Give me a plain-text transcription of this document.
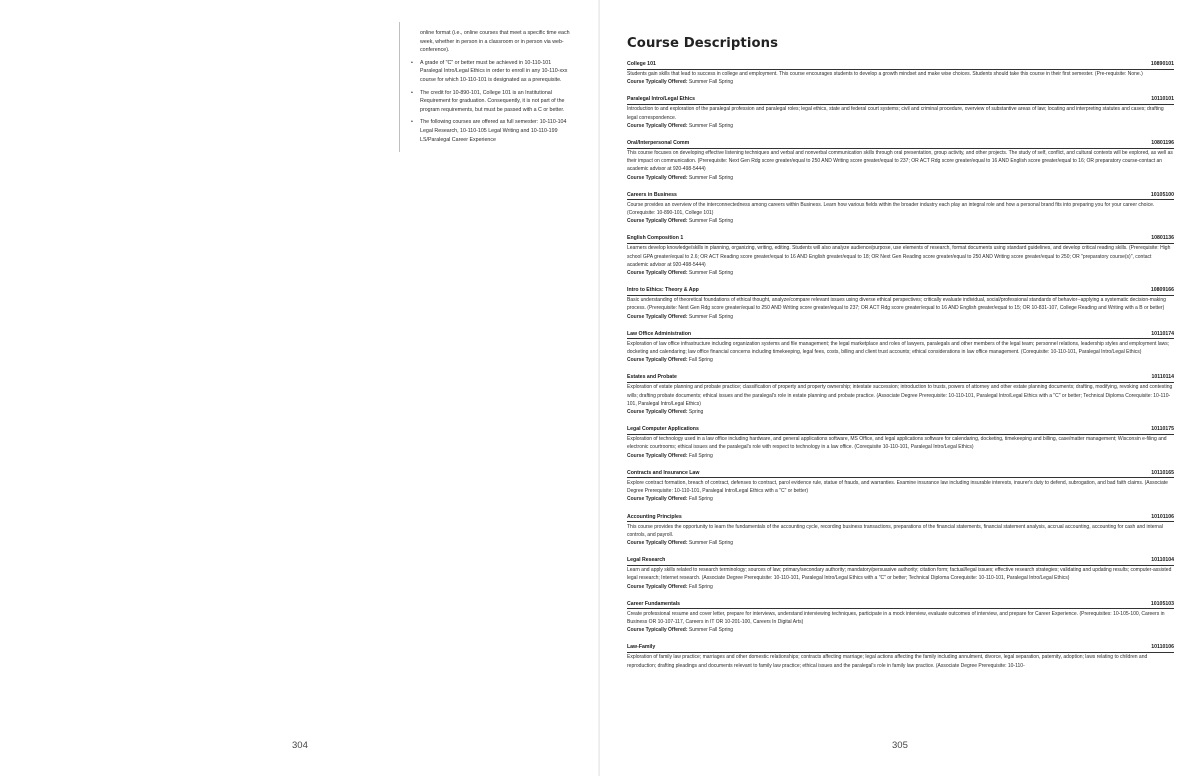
online format (i.e., online courses that meet a specific time each week, whether in person in a classroom or in person via web-conference).

• A grade of "C" or better must be achieved in 10-110-101 Paralegal Intro/Legal Ethics in order to enroll in any 10-110-xxx course for which 10-110-101 is designated as a prerequisite.
• The credit for 10-890-101, College 101 is an Institutional Requirement for graduation. Consequently, it is not part of the program requirements, but must be passed with a C or better.
• The following courses are offered as full semester: 10-110-104 Legal Research, 10-110-105 Legal Writing and 10-110-199 LS/Paralegal Career Experience
304
Course Descriptions
College 101	10890101
Students gain skills that lead to success in college and employment. This course encourages students to develop a growth mindset and make wise choices. Students should take this course in their first semester. (Pre-requisite: None.)
Course Typically Offered: Summer Fall Spring
Paralegal Intro/Legal Ethics	10110101
Introduction to and exploration of the paralegal profession and paralegal roles; legal ethics, state and federal court systems; civil and criminal procedure, overview of substantive areas of law; locating and interpreting statutes and cases; drafting legal correspondence.
Course Typically Offered: Summer Fall Spring
Oral/Interpersonal Comm	10801196
This course focuses on developing effective listening techniques and verbal and nonverbal communication skills through oral presentation, group activity, and other projects. The study of self, conflict, and cultural contexts will be explored, as well as their impact on communication. (Prerequisite: Next Gen Rdg score greater/equal to 250 AND Writing score greater/equal to 237; OR ACT Rdg score greater/equal to 16 AND English score greater/equal to 16; OR preparatory course-contact an academic advisor at 920-498-5444)
Course Typically Offered: Summer Fall Spring
Careers in Business	10105100
Course provides an overview of the interconnectedness among careers within Business. Learn how various fields within the broader industry each play an integral role and how a personal brand fits into preparing you for your career choice. (Corequisite: 10-890-101, College 101)
Course Typically Offered: Summer Fall Spring
English Composition 1	10801136
Learners develop knowledge/skills in planning, organizing, writing, editing. Students will also analyze audience/purpose, use elements of research, format documents using standard guidelines, and develop critical reading skills. (Prerequisite: High school GPA greater/equal to 2.6; OR ACT Reading score greater/equal to 16 AND English greater/equal to 18; OR Next Gen Reading score greater/equal to 250 AND Writing score greater/equal to 250; OR "preparatory course(s)", contact academic advisor at 920-498-5444)
Course Typically Offered: Summer Fall Spring
Intro to Ethics: Theory & App	10809166
Basic understanding of theoretical foundations of ethical thought, analyze/compare relevant issues using diverse ethical perspectives; critically evaluate individual, social/professional standards of behavior--applying a systematic decision-making process. (Prerequisite: Next Gen Rdg score greater/equal to 250 AND Writing score greater/equal to 237; OR ACT Rdg score greater/equal to 16 AND English greater/equal to 15; OR 10-831-107, College Reading and Writing with a B or better)
Course Typically Offered: Summer Fall Spring
Law Office Administration	10110174
Exploration of law office infrastructure including organization systems and file management; the legal marketplace and roles of lawyers, paralegals and other members of the legal team; personnel relations, leadership styles and employment laws; docketing and calendaring; law office financial concerns including timekeeping, legal fees, costs, billing and client trust accounts; ethical considerations in law office management. (Corequisite: 10-110-101, Paralegal Intro/Legal Ethics)
Course Typically Offered: Fall Spring
Estates and Probate	10110114
Exploration of estate planning and probate practice; classification of property and property ownership; intestate succession; introduction to trusts, powers of attorney and other estate planning documents; drafting, modifying, revoking and contesting wills; drafting probate documents; ethical issues and the paralegal's role in estate planning and probate practice. (Associate Degree Prerequisite: 10-110-101, Paralegal Intro/Legal Ethics with a "C" or better; Technical Diploma Corequisite: 10-110-101, Paralegal Intro/Legal Ethics)
Course Typically Offered: Spring
Legal Computer Applications	10110175
Exploration of technology used in a law office including hardware, and general applications software, MS Office, and legal applications software for calendaring, docketing, timekeeping and billing, case/matter management; Wisconsin e-filing and electronic courtrooms; ethical issues and the paralegal's role with respect to technology in a law office. (Corequisite 10-110-101, Paralegal Intro/Legal Ethics)
Course Typically Offered: Fall Spring
Contracts and Insurance Law	10110165
Explore contract formation, breach of contract, defenses to contract, parol evidence rule, statue of frauds, and warranties. Examine insurance law including insurable interests, insurer's duty to defend, subrogation, and bad faith claims. (Associate Degree Prerequisite: 10-110-101, Paralegal Intro/Legal Ethics with a "C" or better)
Course Typically Offered: Fall Spring
Accounting Principles	10101106
This course provides the opportunity to learn the fundamentals of the accounting cycle, recording business transactions, preparations of the financial statements, financial statement analysis, accrual accounting, accounting for cash and internal controls, and payroll.
Course Typically Offered: Summer Fall Spring
Legal Research	10110104
Learn and apply skills related to research terminology; sources of law; primary/secondary authority; mandatory/persuasive authority; citation form; factual/legal issues; effective research strategies; validating and updating results; computer-assisted legal research; Internet research. (Associate Degree Prerequisite: 10-110-101, Paralegal Intro/Legal Ethics with a "C" or better; Technical Diploma Corequisite: 10-110-101, Paralegal Intro/Legal Ethics)
Course Typically Offered: Fall Spring
Career Fundamentals	10105103
Create professional resume and cover letter, prepare for interviews, understand interviewing techniques, participate in a mock interview, evaluate outcomes of interview, and prepare for Career Experience. (Prerequisites: 10-105-100, Careers in Business OR 10-107-117, Careers in IT OR 10-201-100, Careers In Digital Arts)
Course Typically Offered: Summer Fall Spring
Law-Family	10110106
Exploration of family law practice; marriages and other domestic relationships; contracts affecting marriage; legal actions affecting the family including annulment, divorce, legal separation, paternity, adoption; laws relating to children and reproduction; drafting pleadings and documents relevant to family law practice; ethical issues and the paralegal's role in family law practice. (Associate Degree Prerequisite: 10-110-
305
